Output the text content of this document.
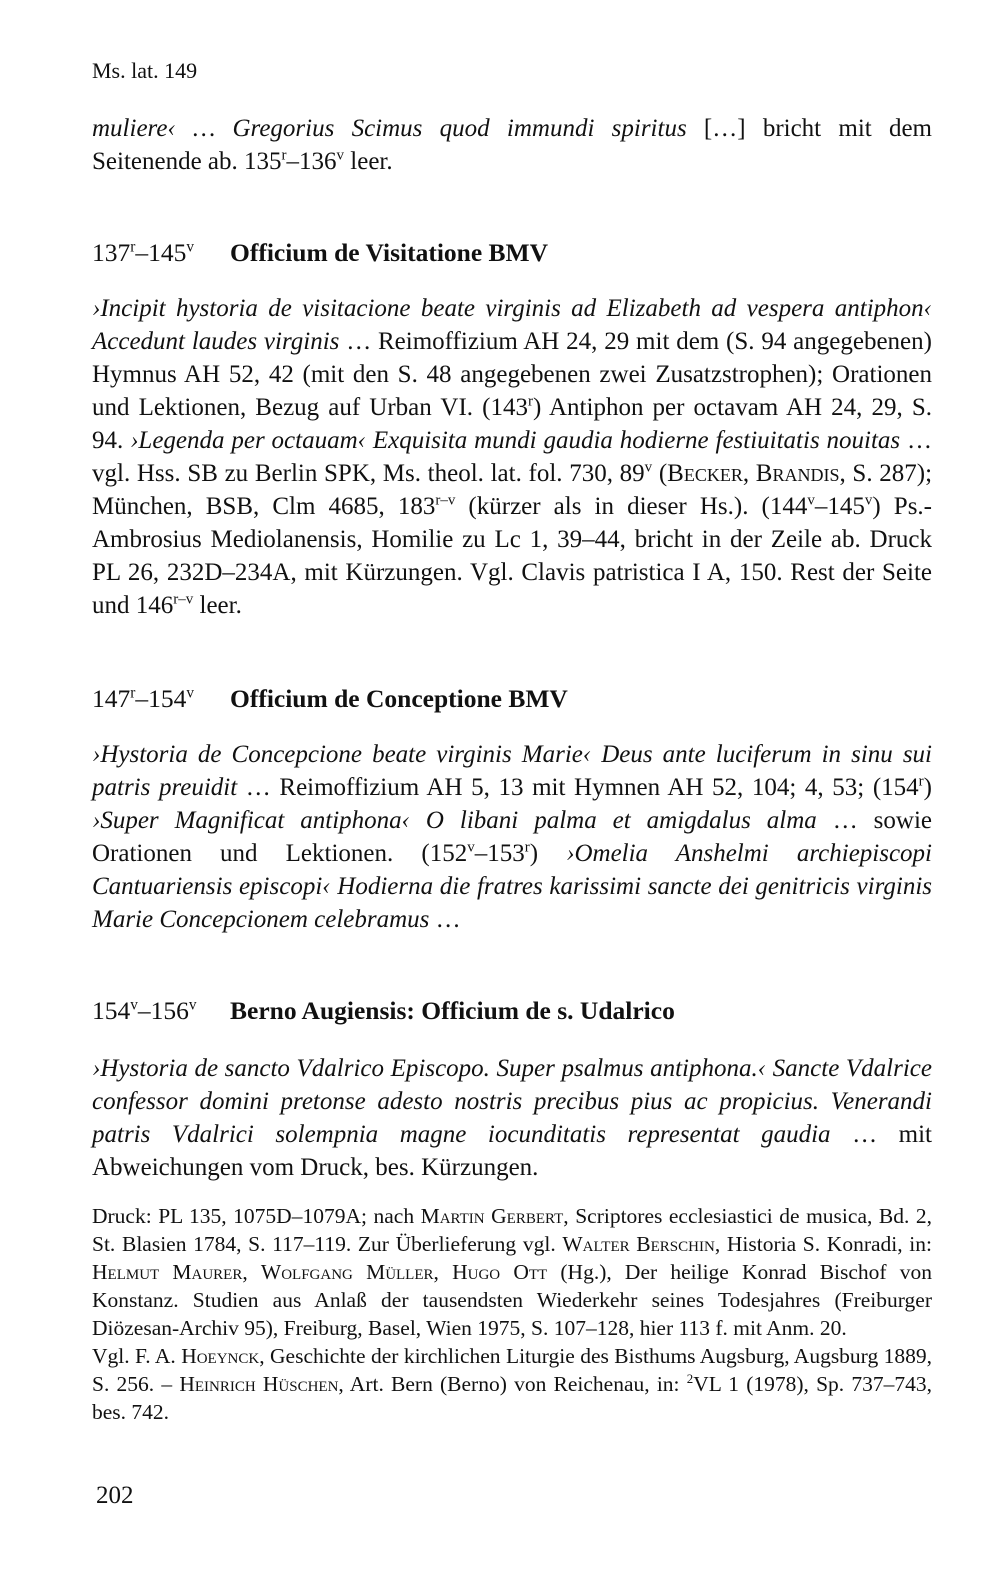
Ms. lat. 149
muliere‹ … Gregorius Scimus quod immundi spiritus […] bricht mit dem Seitenende ab. 135$^r$–136$^v$ leer.
137$^r$–145$^v$ Officium de Visitatione BMV
›Incipit hystoria de visitacione beate virginis ad Elizabeth ad vespera antiphon‹ Accedunt laudes virginis … Reimoffizium AH 24, 29 mit dem (S. 94 angegebenen) Hymnus AH 52, 42 (mit den S. 48 angegebenen zwei Zusatzstrophen); Orationen und Lektionen, Bezug auf Urban VI. (143$^r$) Antiphon per octavam AH 24, 29, S. 94. ›Legenda per octauam‹ Exquisita mundi gaudia hodierne festiuitatis nouitas … vgl. Hss. SB zu Berlin SPK, Ms. theol. lat. fol. 730, 89$^v$ (Becker, Brandis, S. 287); München, BSB, Clm 4685, 183$^{r-v}$ (kürzer als in dieser Hs.). (144$^v$–145$^v$) Ps.-Ambrosius Mediolanensis, Homilie zu Lc 1, 39–44, bricht in der Zeile ab. Druck PL 26, 232D–234A, mit Kürzungen. Vgl. Clavis patristica I A, 150. Rest der Seite und 146$^{r-v}$ leer.
147$^r$–154$^v$ Officium de Conceptione BMV
›Hystoria de Concepcione beate virginis Marie‹ Deus ante luciferum in sinu sui patris preuidit … Reimoffizium AH 5, 13 mit Hymnen AH 52, 104; 4, 53; (154$^r$) ›Super Magnificat antiphona‹ O libani palma et amigdalus alma … sowie Orationen und Lektionen. (152$^v$–153$^r$) ›Omelia Anshelmi archiepiscopi Cantuariensis episcopi‹ Hodierna die fratres karissimi sancte dei genitricis virginis Marie Concepcionem celebramus …
154$^v$–156$^v$ Berno Augiensis: Officium de s. Udalrico
›Hystoria de sancto Vdalrico Episcopo. Super psalmus antiphona.‹ Sancte Vdalrice confessor domini pretonse adesto nostris precibus pius ac propicius. Venerandi patris Vdalrici solempnia magne iocunditatis representat gaudia … mit Abweichungen vom Druck, bes. Kürzungen.

Druck: PL 135, 1075D–1079A; nach Martin Gerbert, Scriptores ecclesiastici de musica, Bd. 2, St. Blasien 1784, S. 117–119. Zur Überlieferung vgl. Walter Berschin, Historia S. Konradi, in: Helmut Maurer, Wolfgang Müller, Hugo Ott (Hg.), Der heilige Konrad Bischof von Konstanz. Studien aus Anlaß der tausendsten Wiederkehr seines Todesjahres (Freiburger Diözesan-Archiv 95), Freiburg, Basel, Wien 1975, S. 107–128, hier 113 f. mit Anm. 20.

Vgl. F. A. Hoeynck, Geschichte der kirchlichen Liturgie des Bisthums Augsburg, Augsburg 1889, S. 256. – Heinrich Hüschen, Art. Bern (Berno) von Reichenau, in: $^2$VL 1 (1978), Sp. 737–743, bes. 742.

202
